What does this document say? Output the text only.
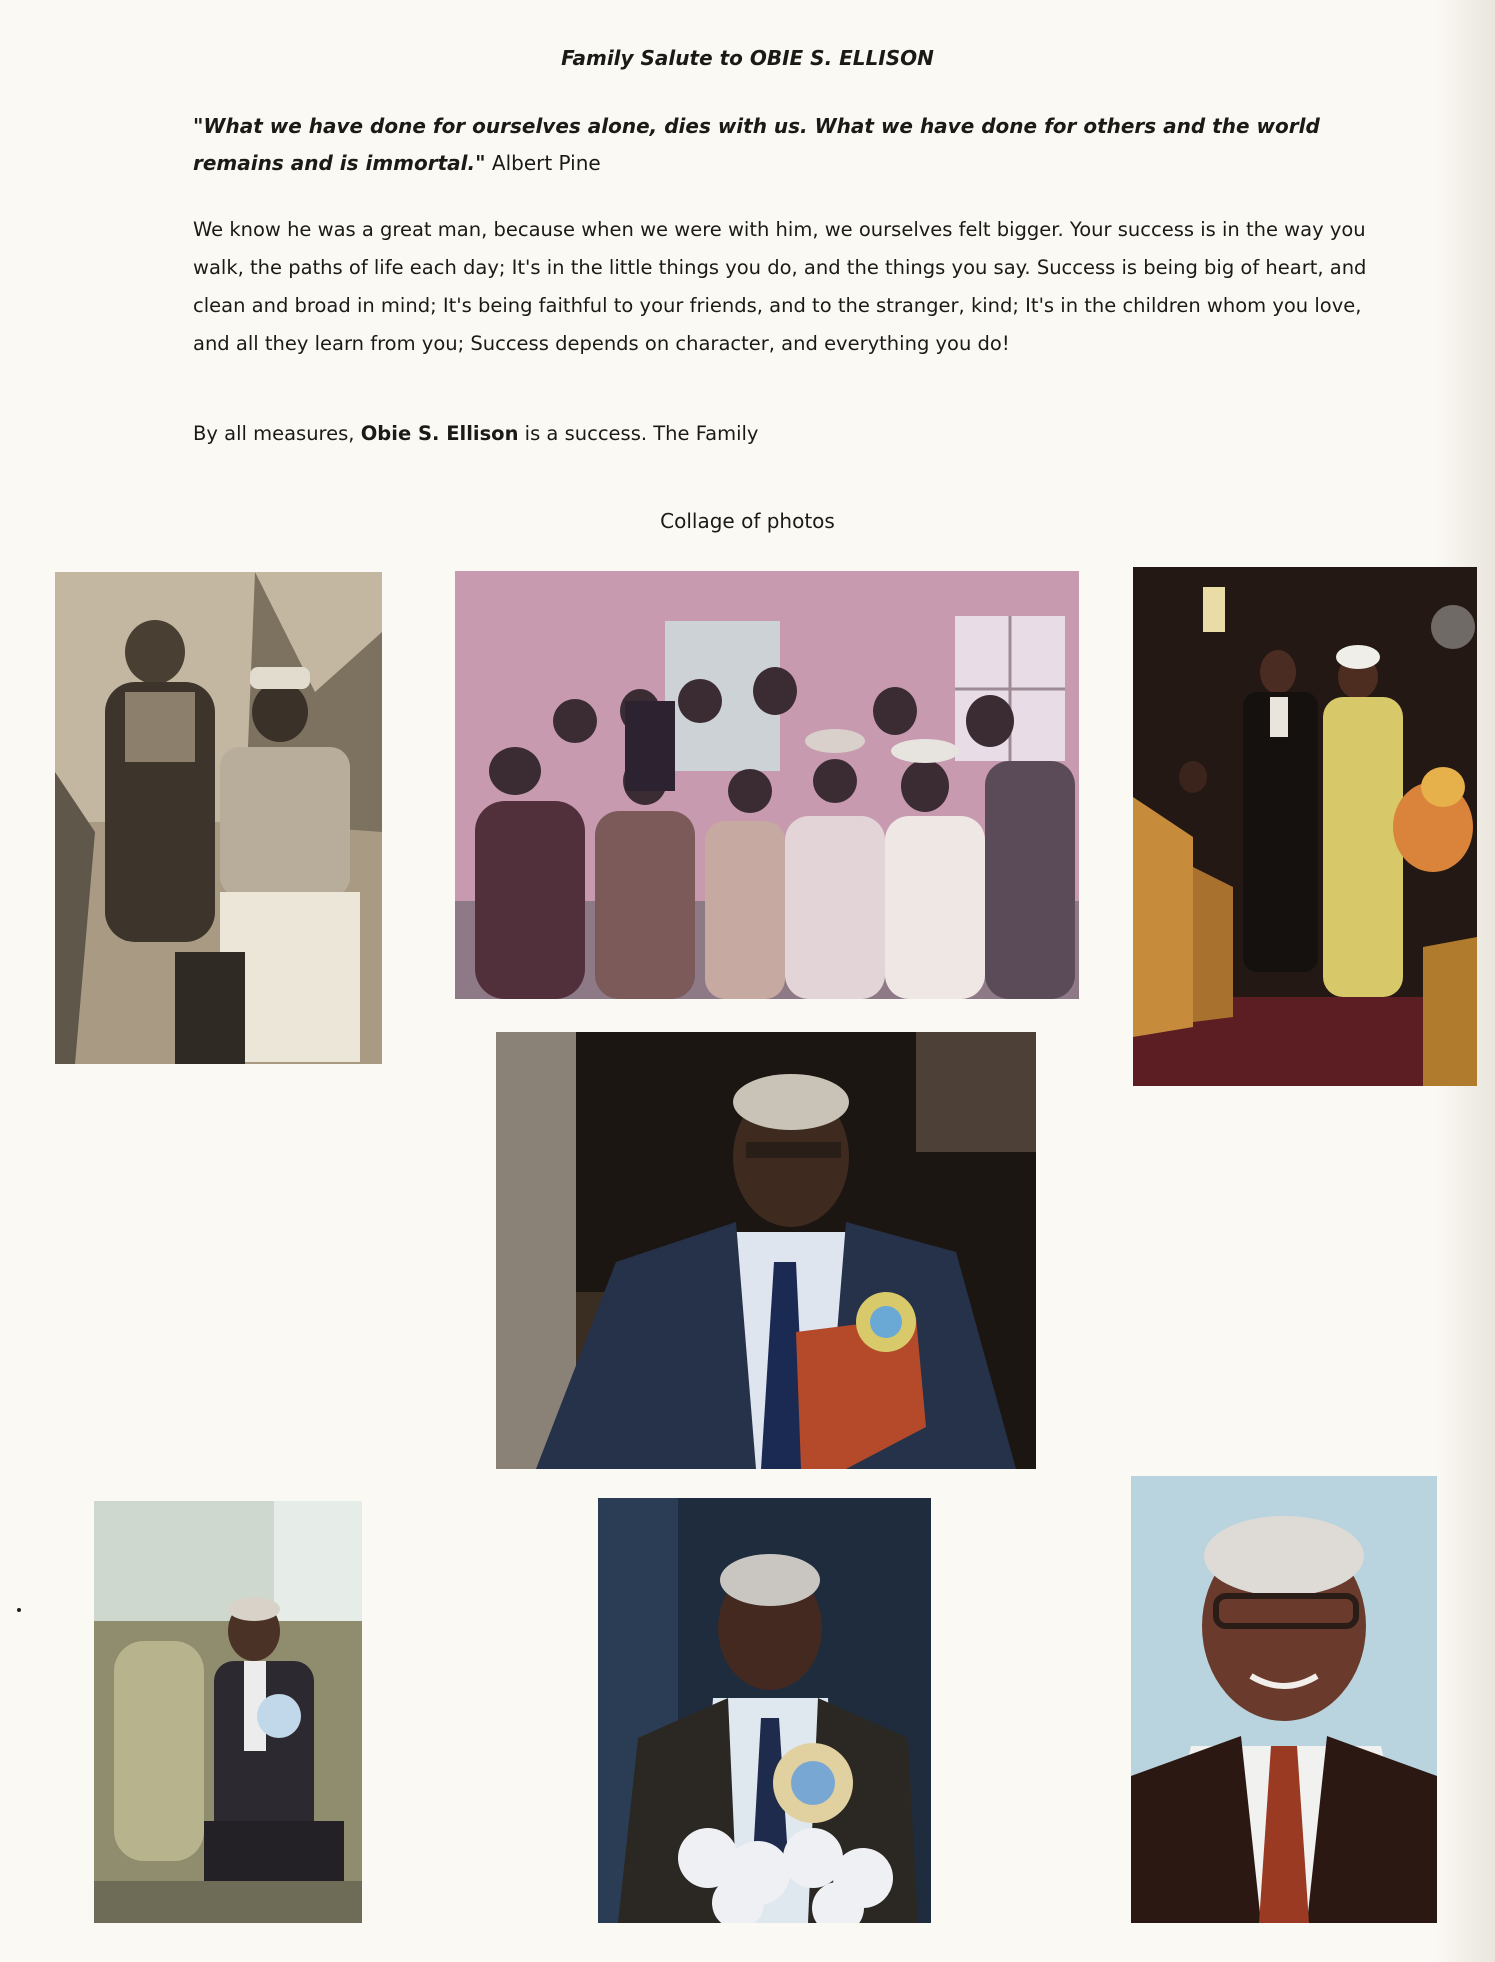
Family Salute to OBIE S. ELLISON
"What we have done for ourselves alone, dies with us. What we have done for others and the world remains and is immortal." Albert Pine
We know he was a great man, because when we were with him, we ourselves felt bigger. Your success is in the way you walk, the paths of life each day; It's in the little things you do, and the things you say. Success is being big of heart, and clean and broad in mind; It's being faithful to your friends, and to the stranger, kind; It's in the children whom you love, and all they learn from you; Success depends on character, and everything you do!
By all measures, Obie S. Ellison is a success. The Family
Collage of photos
